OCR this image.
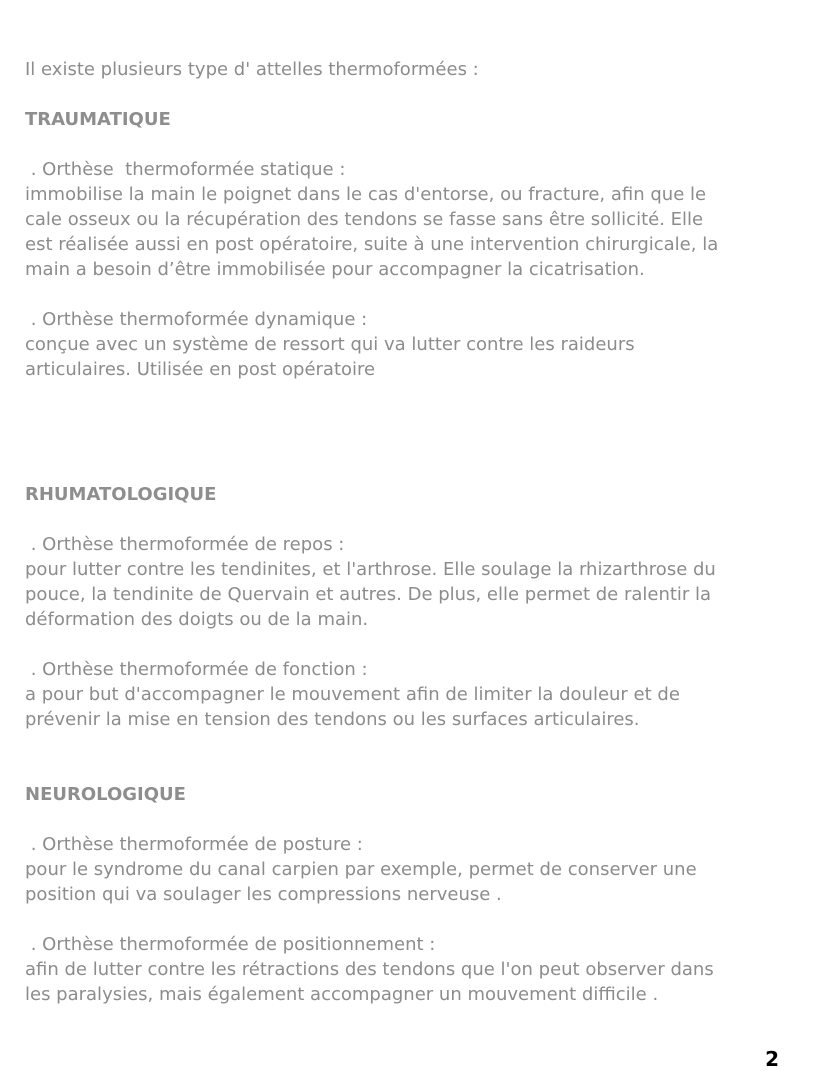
Il existe plusieurs type d' attelles thermoformées :
TRAUMATIQUE
. Orthèse  thermoformée statique :
immobilise la main le poignet dans le cas d'entorse, ou fracture, afin que le
cale osseux ou la récupération des tendons se fasse sans être sollicité. Elle
est réalisée aussi en post opératoire, suite à une intervention chirurgicale, la
main a besoin d’être immobilisée pour accompagner la cicatrisation.
. Orthèse thermoformée dynamique :
conçue avec un système de ressort qui va lutter contre les raideurs
articulaires. Utilisée en post opératoire
RHUMATOLOGIQUE
. Orthèse thermoformée de repos :
pour lutter contre les tendinites, et l'arthrose. Elle soulage la rhizarthrose du
pouce, la tendinite de Quervain et autres. De plus, elle permet de ralentir la
déformation des doigts ou de la main.
. Orthèse thermoformée de fonction :
a pour but d'accompagner le mouvement afin de limiter la douleur et de
prévenir la mise en tension des tendons ou les surfaces articulaires.
NEUROLOGIQUE
. Orthèse thermoformée de posture :
pour le syndrome du canal carpien par exemple, permet de conserver une
position qui va soulager les compressions nerveuse .
. Orthèse thermoformée de positionnement :
afin de lutter contre les rétractions des tendons que l'on peut observer dans
les paralysies, mais également accompagner un mouvement difficile .
2
